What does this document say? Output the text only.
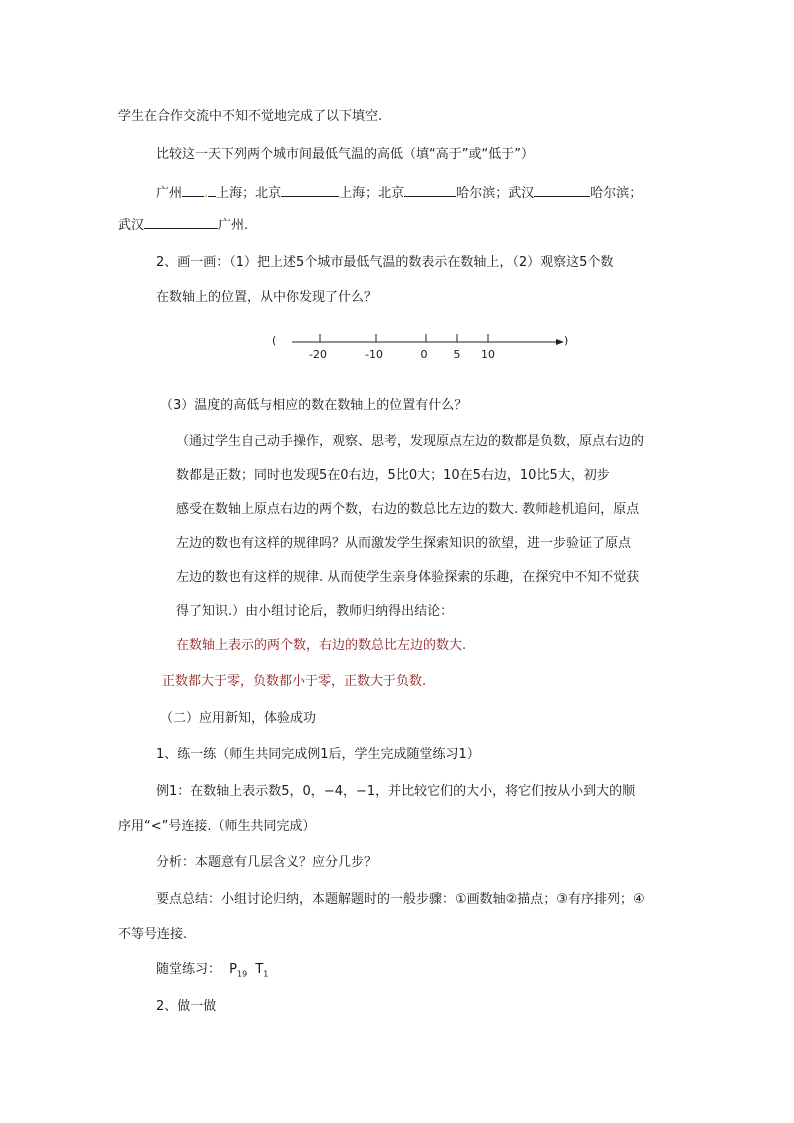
学生在合作交流中不知不觉地完成了以下填空.
比较这一天下列两个城市间最低气温的高低（填“高于”或“低于”）
广州 . 上海；北京	上海；北京	哈尔滨；武汉	哈尔滨；
武汉	广州.
2、画一画：（1）把上述5个城市最低气温的数表示在数轴上，（2）观察这5个数
在数轴上的位置，从中你发现了什么？
(	)
-20	-10	0 5 10
（3）温度的高低与相应的数在数轴上的位置有什么？
（通过学生自己动手操作，观察、思考，发现原点左边的数都是负数，原点右边的
数都是正数；同时也发现5在0右边，5比0大；10在5右边，10比5大，初步
感受在数轴上原点右边的两个数，右边的数总比左边的数大. 教师趁机追问，原点
左边的数也有这样的规律吗？从而激发学生探索知识的欲望，进一步验证了原点
左边的数也有这样的规律. 从而使学生亲身体验探索的乐趣，在探究中不知不觉获
得了知识.）由小组讨论后，教师归纳得出结论：
在数轴上表示的两个数，右边的数总比左边的数大.
正数都大于零，负数都小于零，正数大于负数.
（二）应用新知，体验成功
1、练一练（师生共同完成例1后，学生完成随堂练习1）
例1：在数轴上表示数5，0，−4，−1，并比较它们的大小，将它们按从小到大的顺
序用“<”号连接.（师生共同完成）
分析：本题意有几层含义？应分几步？
要点总结：小组讨论归纳，本题解题时的一般步骤：①画数轴②描点；③有序排列；④
不等号连接.
随堂练习： $P_{19}$ $T_1$
2、做一做
